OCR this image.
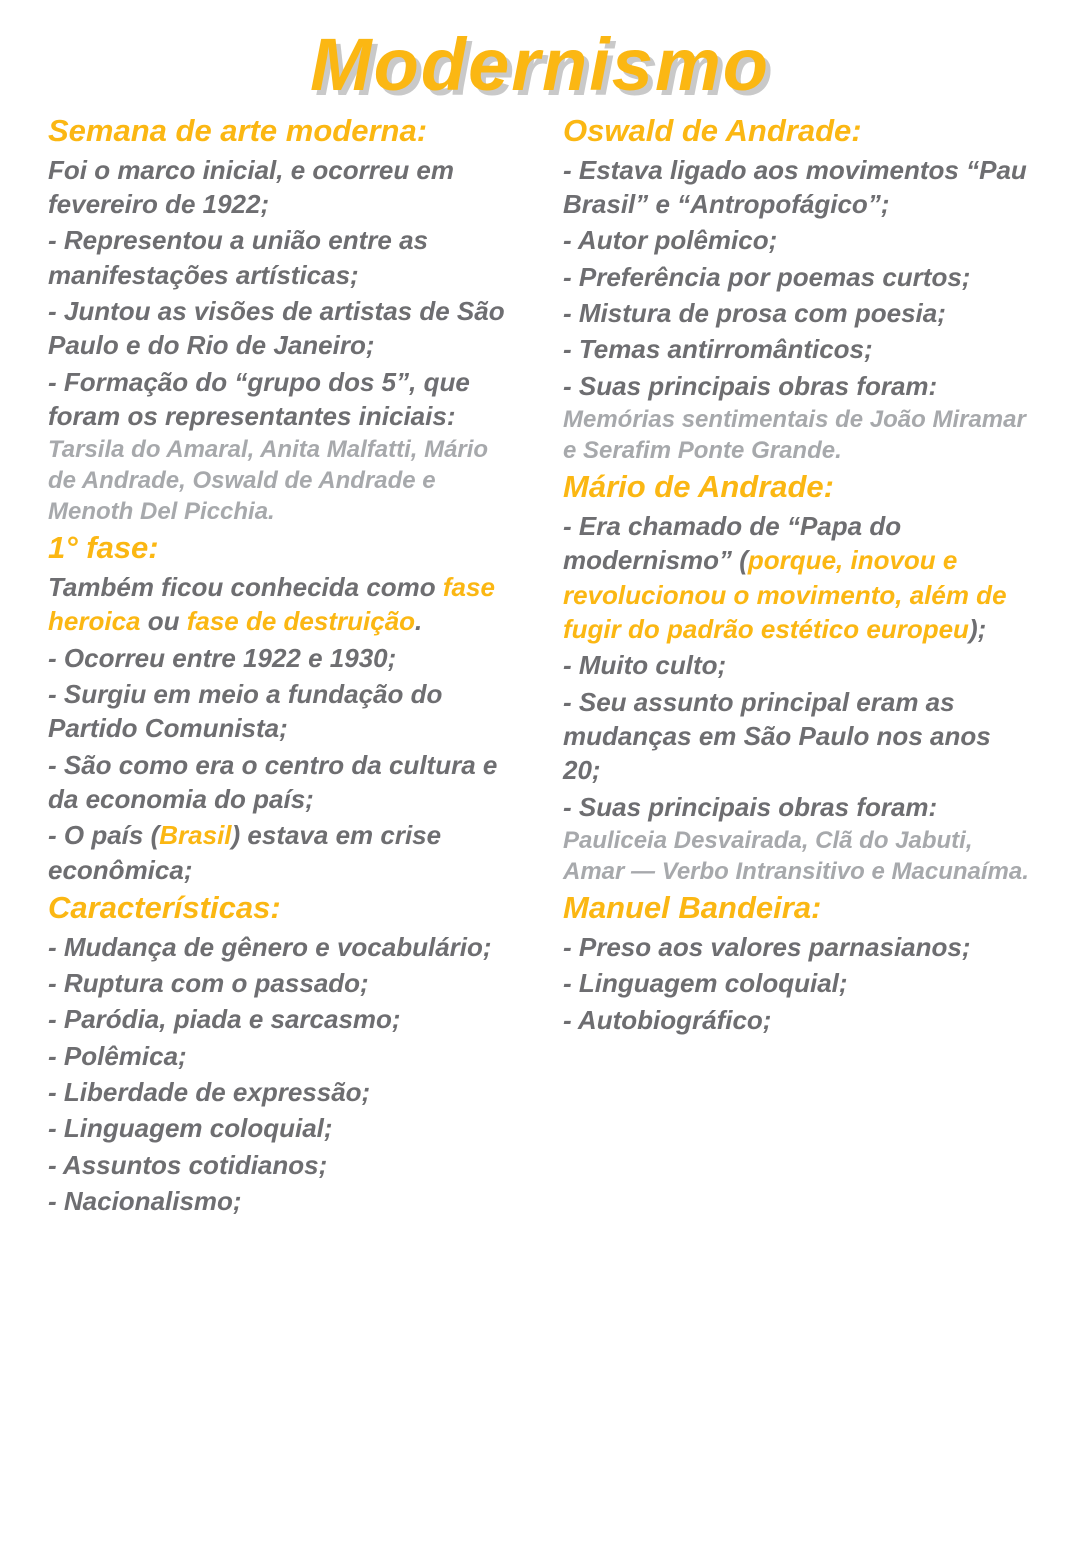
Modernismo
Semana de arte moderna:

Foi o marco inicial, e ocorreu em fevereiro de 1922;

- Representou a união entre as manifestações artísticas;

- Juntou as visões de artistas de São Paulo e do Rio de Janeiro;

- Formação do “grupo dos 5”, que foram os representantes iniciais:

Tarsila do Amaral, Anita Malfatti, Mário de Andrade, Oswald de Andrade e Menoth Del Picchia.

1° fase:

Também ficou conhecida como fase heroica ou fase de destruição.

- Ocorreu entre 1922 e 1930;

- Surgiu em meio a fundação do Partido Comunista;

- São como era o centro da cultura e da economia do país;

- O país (Brasil) estava em crise econômica;

Características:

- Mudança de gênero e vocabulário;

- Ruptura com o passado;

- Paródia, piada e sarcasmo;

- Polêmica;

- Liberdade de expressão;

- Linguagem coloquial;

- Assuntos cotidianos;

- Nacionalismo;

Oswald de Andrade:

- Estava ligado aos movimentos “Pau Brasil” e “Antropofágico”;

- Autor polêmico;

- Preferência por poemas curtos;

- Mistura de prosa com poesia;

- Temas antirromânticos;

- Suas principais obras foram:

Memórias sentimentais de João Miramar e Serafim Ponte Grande.

Mário de Andrade:

- Era chamado de “Papa do modernismo” (porque, inovou e revolucionou o movimento, além de fugir do padrão estético europeu);

- Muito culto;

- Seu assunto principal eram as mudanças em São Paulo nos anos 20;

- Suas principais obras foram:

Pauliceia Desvairada, Clã do Jabuti, Amar — Verbo Intransitivo e Macunaíma.

Manuel Bandeira:

- Preso aos valores parnasianos;

- Linguagem coloquial;

- Autobiográfico;
